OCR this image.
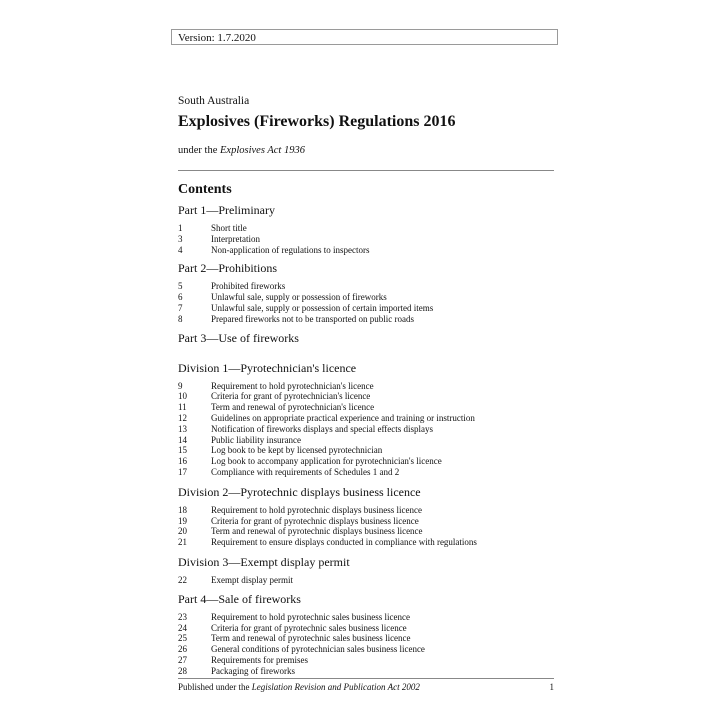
Version: 1.7.2020
South Australia
Explosives (Fireworks) Regulations 2016
under the Explosives Act 1936
Contents
Part 1—Preliminary
1	Short title
3	Interpretation
4	Non-application of regulations to inspectors
Part 2—Prohibitions
5	Prohibited fireworks
6	Unlawful sale, supply or possession of fireworks
7	Unlawful sale, supply or possession of certain imported items
8	Prepared fireworks not to be transported on public roads
Part 3—Use of fireworks
Division 1—Pyrotechnician's licence
9	Requirement to hold pyrotechnician's licence
10	Criteria for grant of pyrotechnician's licence
11	Term and renewal of pyrotechnician's licence
12	Guidelines on appropriate practical experience and training or instruction
13	Notification of fireworks displays and special effects displays
14	Public liability insurance
15	Log book to be kept by licensed pyrotechnician
16	Log book to accompany application for pyrotechnician's licence
17	Compliance with requirements of Schedules 1 and 2
Division 2—Pyrotechnic displays business licence
18	Requirement to hold pyrotechnic displays business licence
19	Criteria for grant of pyrotechnic displays business licence
20	Term and renewal of pyrotechnic displays business licence
21	Requirement to ensure displays conducted in compliance with regulations
Division 3—Exempt display permit
22	Exempt display permit
Part 4—Sale of fireworks
23	Requirement to hold pyrotechnic sales business licence
24	Criteria for grant of pyrotechnic sales business licence
25	Term and renewal of pyrotechnic sales business licence
26	General conditions of pyrotechnician sales business licence
27	Requirements for premises
28	Packaging of fireworks
Published under the Legislation Revision and Publication Act 2002	1
